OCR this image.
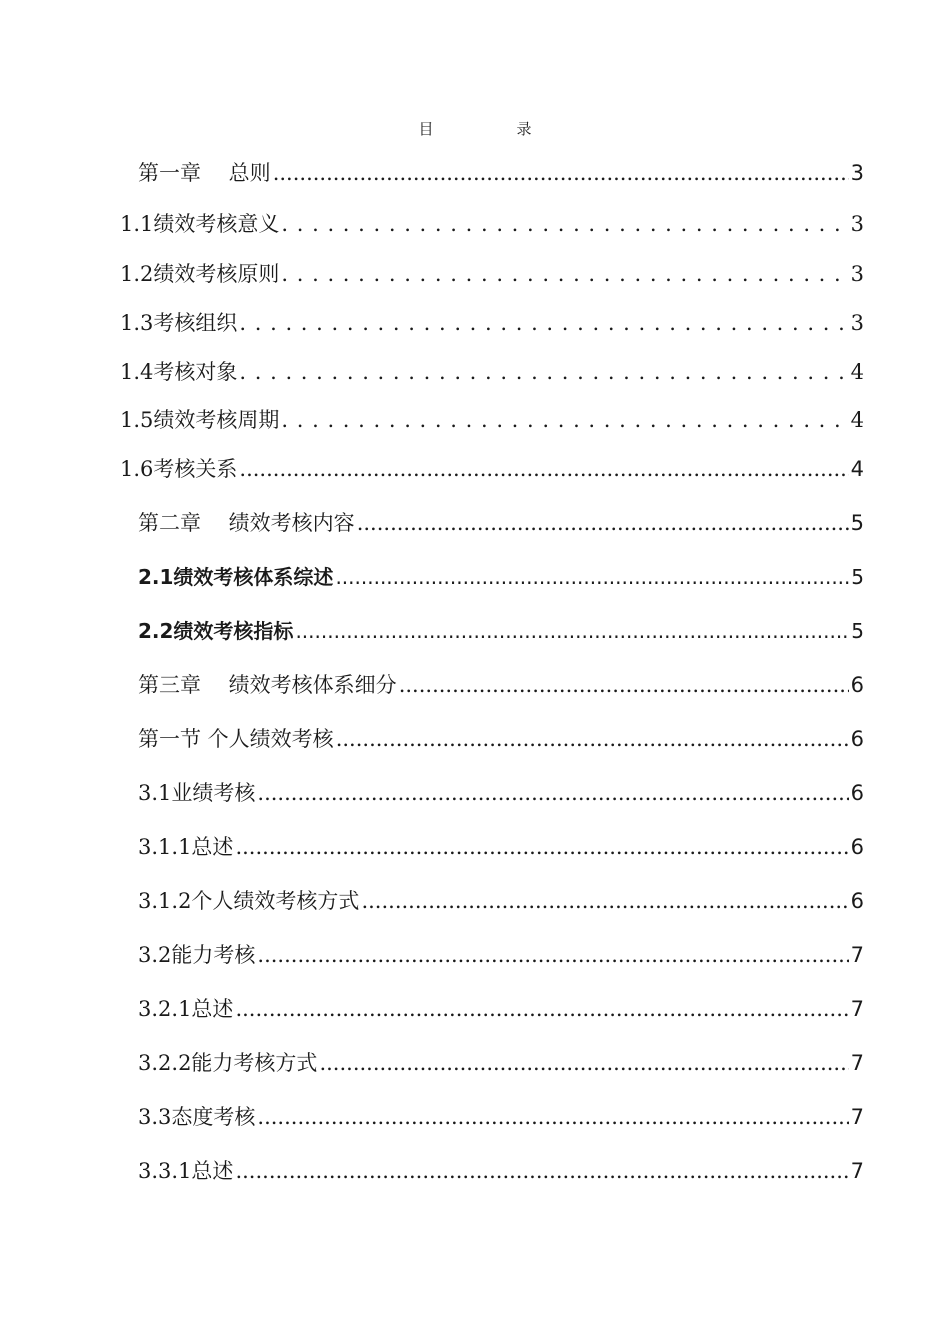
目　录
第一章　 总则 .....	3
1.1绩效考核意义 . . .	3
1.2绩效考核原则 . . .	3
1.3考核组织 . . .	3
1.4考核对象 . . .	4
1.5绩效考核周期 . . .	4
1.6考核关系 .....	4
第二章　 绩效考核内容 .....	5
2.1绩效考核体系综述 .....	5
2.2绩效考核指标 .....	5
第三章　 绩效考核体系细分 .....	6
第一节 个人绩效考核 .....	6
3.1业绩考核 .....	6
3.1.1总述 .....	6
3.1.2个人绩效考核方式 .....	6
3.2能力考核 .....	7
3.2.1总述 .....	7
3.2.2能力考核方式 .....	7
3.3态度考核 .....	7
3.3.1总述 .....	7
